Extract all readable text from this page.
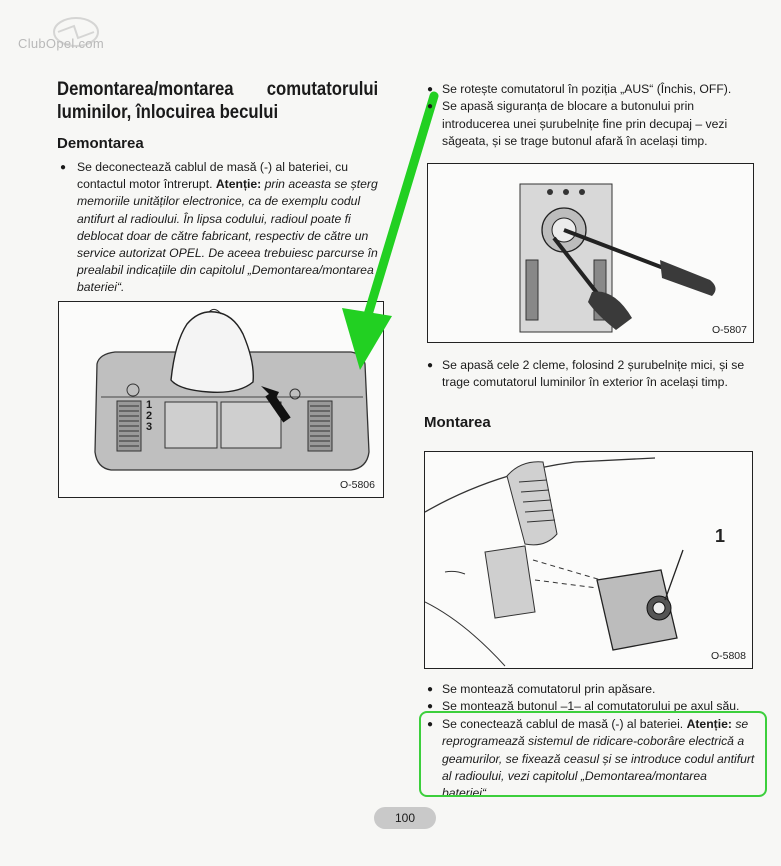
ClubOpel.com
Demontarea/montarea comutatorului
luminilor, înlocuirea becului
Demontarea
● Se deconectează cablul de masă (-) al bateriei, cu contactul motor întrerupt. Atenție: prin aceasta se șterg memoriile unităților electronice, ca de exemplu codul antifurt al radioului. În lipsa codului, radioul poate fi deblocat doar de către fabricant, respectiv de către un service autorizat OPEL. De aceea trebuiesc parcurse în prealabil indicațiile din capitolul „Demontarea/montarea bateriei“.
1
2
3
O-5806
● Se rotește comutatorul în poziția „AUS“ (Închis, OFF).
● Se apasă siguranța de blocare a butonului prin introducerea unei șurubelnițe fine prin decupaj – vezi săgeata, și se trage butonul afară în același timp.
O-5807
● Se apasă cele 2 cleme, folosind 2 șurubelnițe mici, și se trage comutatorul luminilor în exterior în același timp.
Montarea
1
O-5808
● Se montează comutatorul prin apăsare.
● Se montează butonul –1– al comutatorului pe axul său.
● Se conectează cablul de masă (-) al bateriei. Atenție: se reprogramează sistemul de ridicare-coborâre electrică a geamurilor, se fixează ceasul și se introduce codul antifurt al radioului, vezi capitolul „Demontarea/montarea bateriei“.
100
